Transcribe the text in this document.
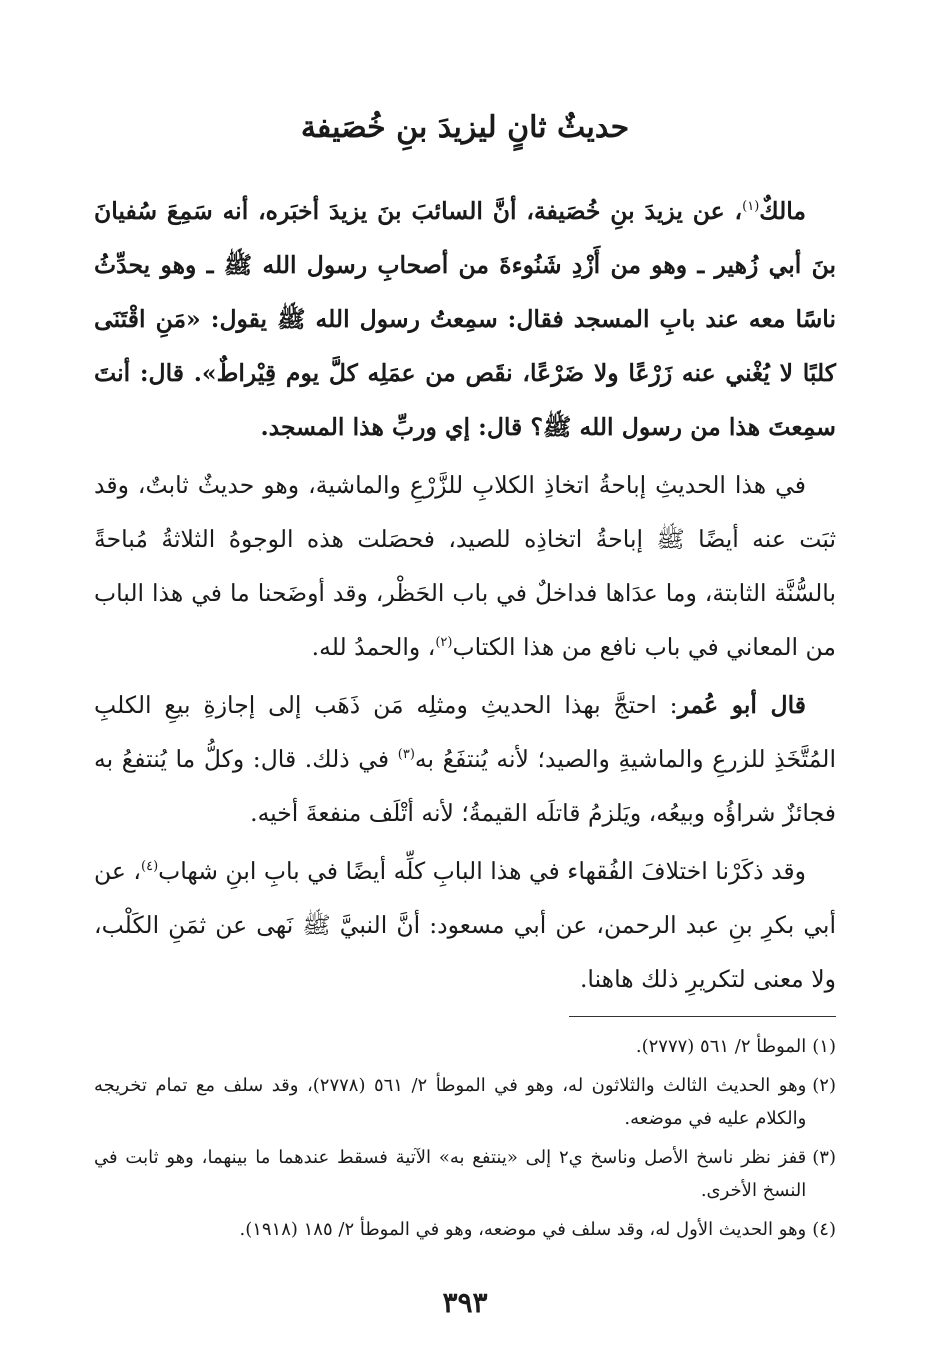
حديثٌ ثانٍ ليزيدَ بنِ خُصَيفة

مالكٌ$^{(١)}$، عن يزيدَ بنِ خُصَيفة، أنَّ السائبَ بنَ يزيدَ أخبَره، أنه سَمِعَ سُفيانَ بنَ أبي زُهير ـ وهو من أَزْدِ شَنُوءةَ من أصحابِ رسول الله ﷺ ـ وهو يحدِّثُ ناسًا معه عند بابِ المسجد فقال: سمِعتُ رسول الله ﷺ يقول: «مَنِ اقْتَنَى كلبًا لا يُغْني عنه زَرْعًا ولا ضَرْعًا، نقَص من عمَلِه كلَّ يوم قِيْراطٌ». قال: أنتَ سمِعتَ هذا من رسول الله ﷺ؟ قال: إي وربِّ هذا المسجد.

في هذا الحديثِ إباحةُ اتخاذِ الكلابِ للزَّرْعِ والماشية، وهو حديثٌ ثابتٌ، وقد ثبَت عنه أيضًا ﷺ إباحةُ اتخاذِه للصيد، فحصَلت هذه الوجوهُ الثلاثةُ مُباحةً بالسُّنَّة الثابتة، وما عدَاها فداخلٌ في باب الحَظْر، وقد أوضَحنا ما في هذا الباب من المعاني في باب نافع من هذا الكتاب$^{(٢)}$، والحمدُ لله.

قال أبو عُمر: احتجَّ بهذا الحديثِ ومثلِه مَن ذَهَب إلى إجازةِ بيعِ الكلبِ المُتَّخَذِ للزرعِ والماشيةِ والصيد؛ لأنه يُنتفَعُ به$^{(٣)}$ في ذلك. قال: وكلُّ ما يُنتفعُ به فجائزٌ شراؤُه وبيعُه، ويَلزمُ قاتلَه القيمةُ؛ لأنه أتْلَف منفعةَ أخيه.

وقد ذكَرْنا اختلافَ الفُقهاء في هذا البابِ كلِّه أيضًا في بابِ ابنِ شهاب$^{(٤)}$، عن أبي بكرِ بنِ عبد الرحمن، عن أبي مسعود: أنَّ النبيَّ ﷺ نَهى عن ثمَنِ الكَلْب، ولا معنى لتكريرِ ذلك هاهنا.

(١)
الموطأ ٢/ ٥٦١ (٢٧٧٧).
(٢)
وهو الحديث الثالث والثلاثون له، وهو في الموطأ ٢/ ٥٦١ (٢٧٧٨)، وقد سلف مع تمام تخريجه والكلام عليه في موضعه.
(٣)
قفز نظر ناسخ الأصل وناسخ ي٢ إلى «ينتفع به» الآتية فسقط عندهما ما بينهما، وهو ثابت في النسخ الأخرى.
(٤)
وهو الحديث الأول له، وقد سلف في موضعه، وهو في الموطأ ٢/ ١٨٥ (١٩١٨).
٣٩٣
